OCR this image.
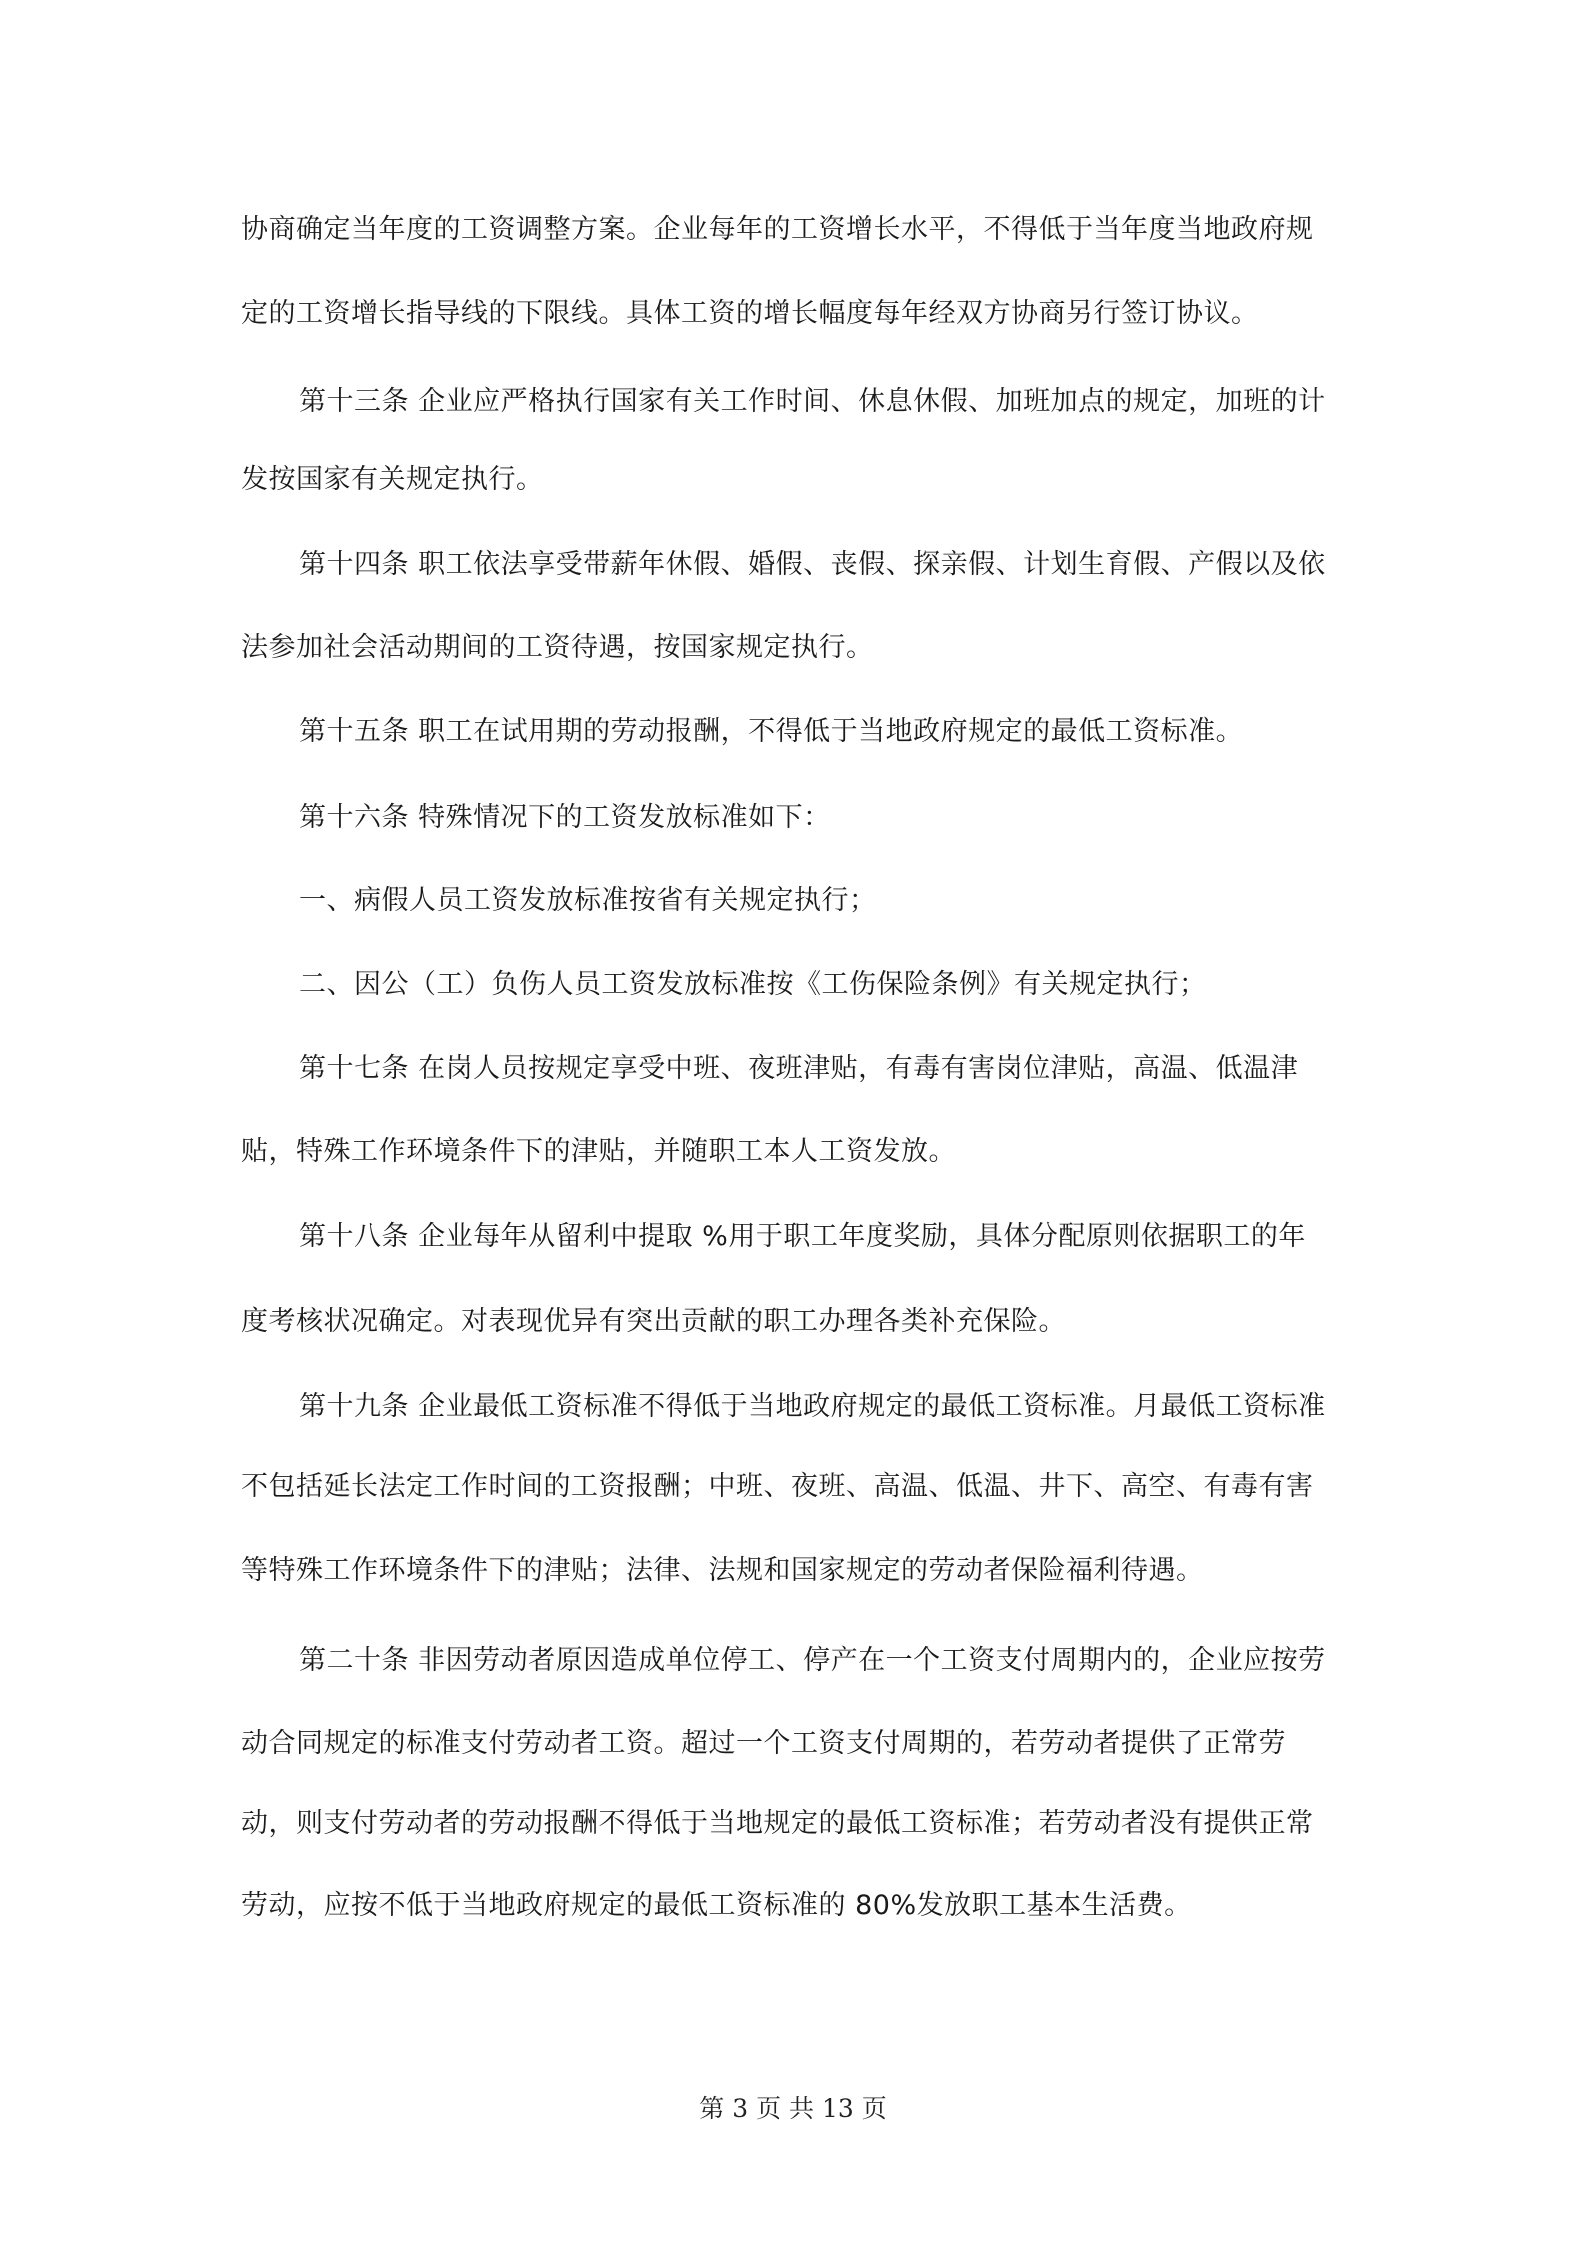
协商确定当年度的工资调整方案。企业每年的工资增长水平，不得低于当年度当地政府规
定的工资增长指导线的下限线。具体工资的增长幅度每年经双方协商另行签订协议。
第十三条 企业应严格执行国家有关工作时间、休息休假、加班加点的规定，加班的计
发按国家有关规定执行。
第十四条 职工依法享受带薪年休假、婚假、丧假、探亲假、计划生育假、产假以及依
法参加社会活动期间的工资待遇，按国家规定执行。
第十五条 职工在试用期的劳动报酬，不得低于当地政府规定的最低工资标准。
第十六条 特殊情况下的工资发放标准如下：
一、病假人员工资发放标准按省有关规定执行；
二、因公（工）负伤人员工资发放标准按《工伤保险条例》有关规定执行；
第十七条 在岗人员按规定享受中班、夜班津贴，有毒有害岗位津贴，高温、低温津
贴，特殊工作环境条件下的津贴，并随职工本人工资发放。
第十八条 企业每年从留利中提取 %用于职工年度奖励，具体分配原则依据职工的年
度考核状况确定。对表现优异有突出贡献的职工办理各类补充保险。
第十九条 企业最低工资标准不得低于当地政府规定的最低工资标准。月最低工资标准
不包括延长法定工作时间的工资报酬；中班、夜班、高温、低温、井下、高空、有毒有害
等特殊工作环境条件下的津贴；法律、法规和国家规定的劳动者保险福利待遇。
第二十条 非因劳动者原因造成单位停工、停产在一个工资支付周期内的，企业应按劳
动合同规定的标准支付劳动者工资。超过一个工资支付周期的，若劳动者提供了正常劳
动，则支付劳动者的劳动报酬不得低于当地规定的最低工资标准；若劳动者没有提供正常
劳动，应按不低于当地政府规定的最低工资标准的 80%发放职工基本生活费。
第 3 页 共 13 页
